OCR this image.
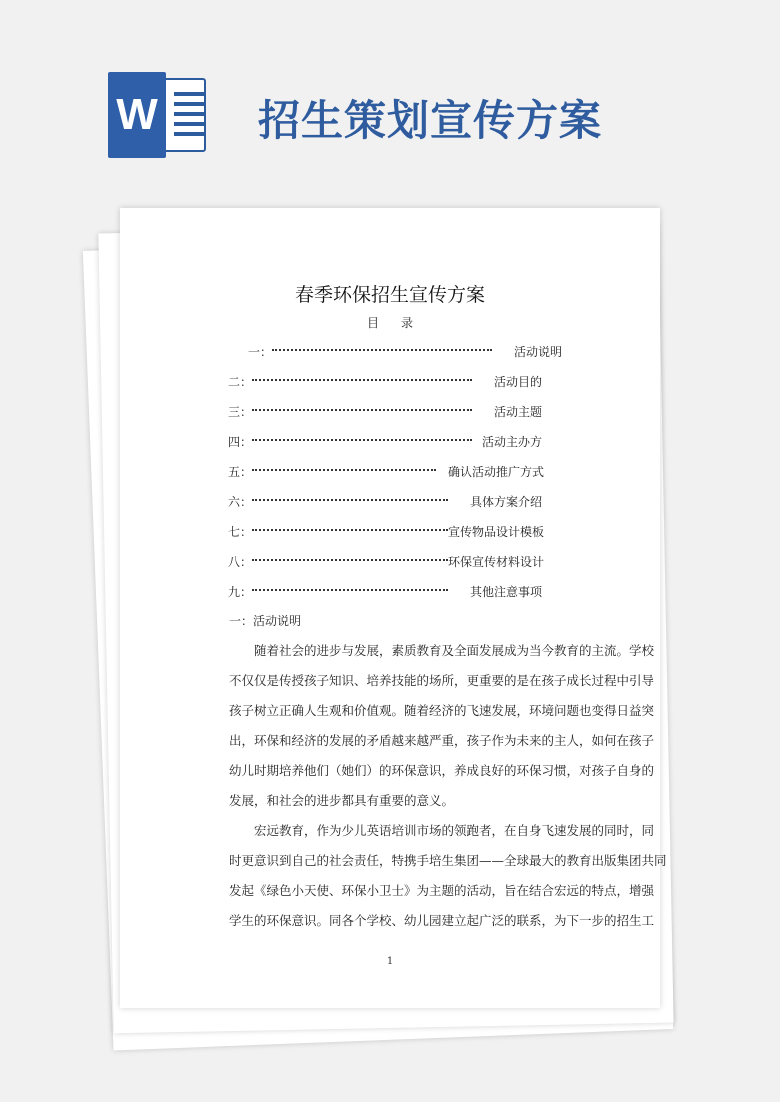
W 招生策划宣传方案
春季环保招生宣传方案
目录
一：	活动说明
二：	活动目的
三：	活动主题
四：	活动主办方
五：	确认活动推广方式
六：	具体方案介绍
七：	宣传物品设计模板
八：	环保宣传材料设计
九：	其他注意事项
一：活动说明
随着社会的进步与发展，素质教育及全面发展成为当今教育的主流。学校
不仅仅是传授孩子知识、培养技能的场所，更重要的是在孩子成长过程中引导
孩子树立正确人生观和价值观。随着经济的飞速发展，环境问题也变得日益突
出，环保和经济的发展的矛盾越来越严重，孩子作为未来的主人，如何在孩子
幼儿时期培养他们（她们）的环保意识，养成良好的环保习惯，对孩子自身的
发展，和社会的进步都具有重要的意义。
宏远教育，作为少儿英语培训市场的领跑者，在自身飞速发展的同时，同
时更意识到自己的社会责任，特携手培生集团——全球最大的教育出版集团共同
发起《绿色小天使、环保小卫士》为主题的活动，旨在结合宏远的特点，增强
学生的环保意识。同各个学校、幼儿园建立起广泛的联系，为下一步的招生工
1
